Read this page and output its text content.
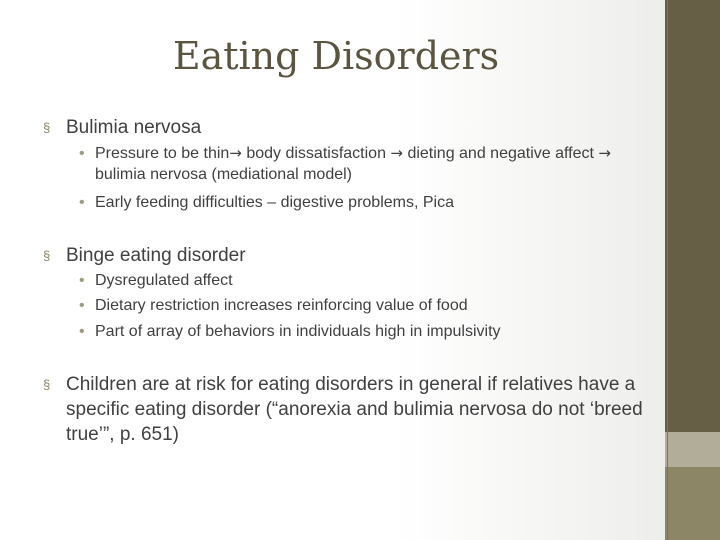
Eating Disorders
§ Bulimia nervosa
• Pressure to be thin→ body dissatisfaction → dieting and negative affect → bulimia nervosa (mediational model)
• Early feeding difficulties – digestive problems, Pica
§ Binge eating disorder
• Dysregulated affect
• Dietary restriction increases reinforcing value of food
• Part of array of behaviors in individuals high in impulsivity
§ Children are at risk for eating disorders in general if relatives have a specific eating disorder (“anorexia and bulimia nervosa do not ‘breed true’”, p. 651)
